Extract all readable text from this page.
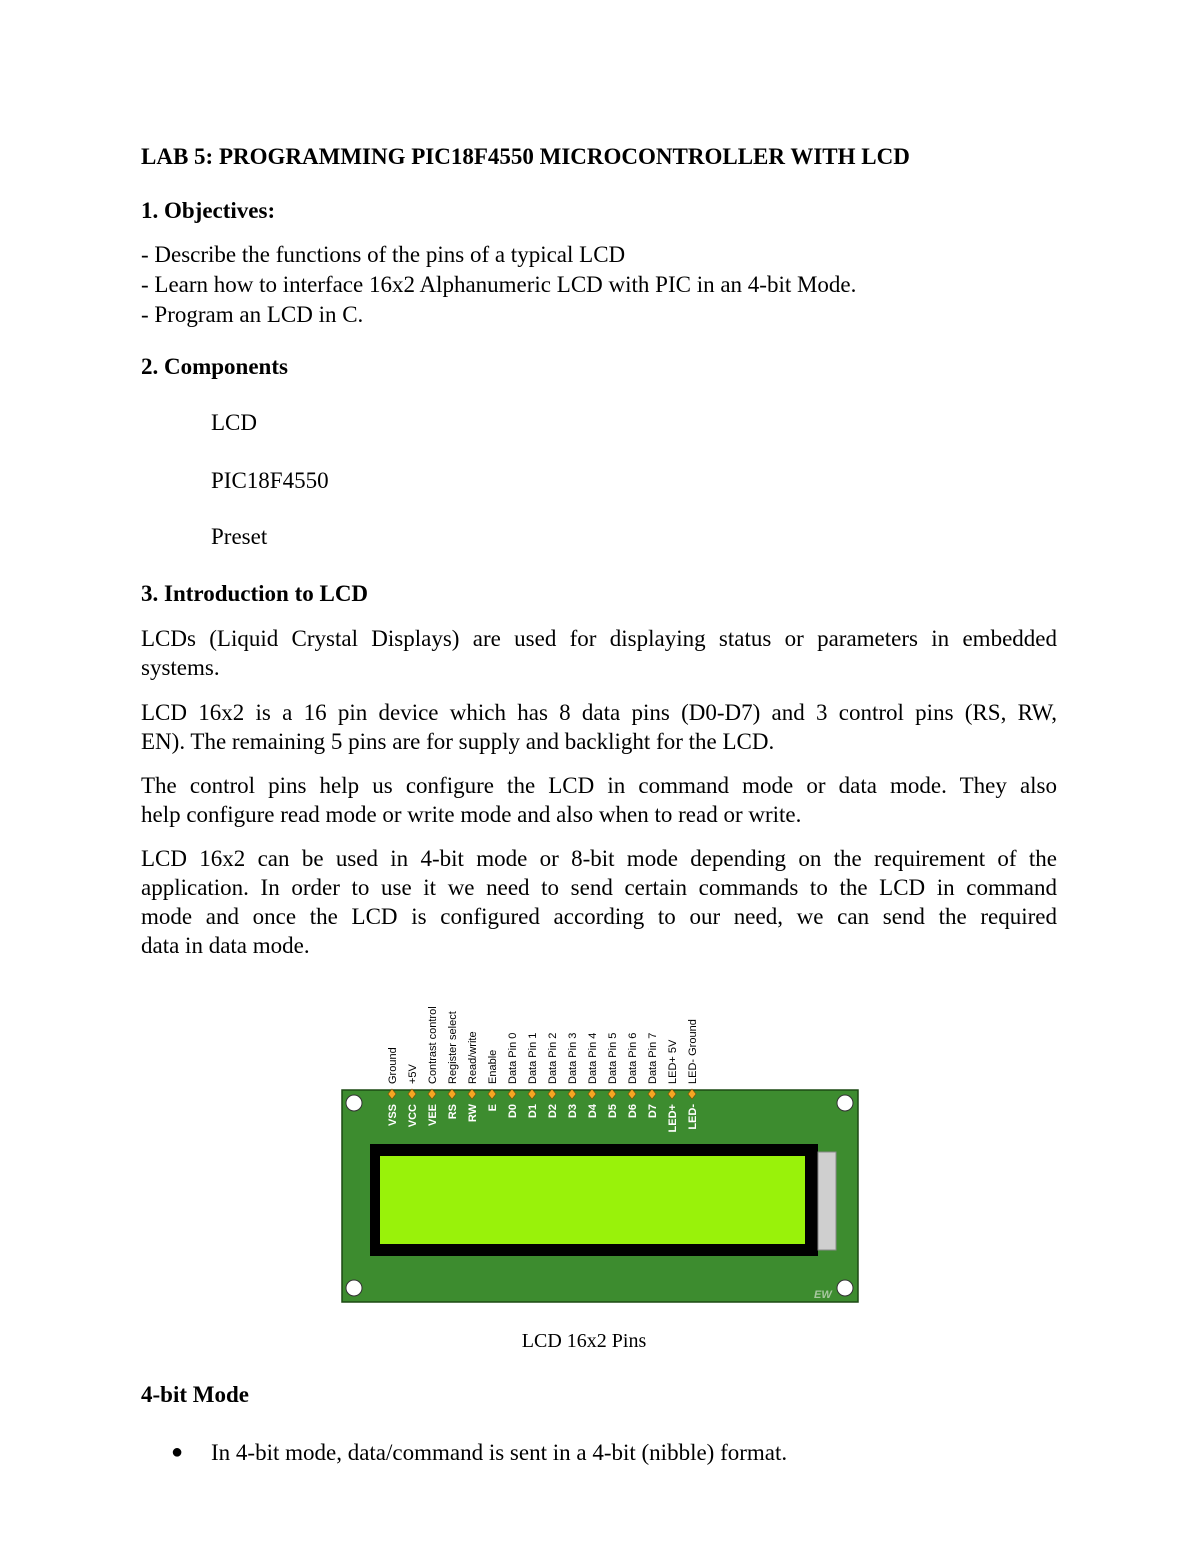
LAB 5: PROGRAMMING PIC18F4550 MICROCONTROLLER WITH LCD
1. Objectives:
- Describe the functions of the pins of a typical LCD
- Learn how to interface 16x2 Alphanumeric LCD with PIC in an 4-bit Mode.
- Program an LCD in C.
2. Components
LCD
PIC18F4550
Preset
3. Introduction to LCD
LCDs (Liquid Crystal Displays) are used for displaying status or parameters in embedded
systems.
LCD 16x2 is a 16 pin device which has 8 data pins (D0-D7) and 3 control pins (RS, RW,
EN). The remaining 5 pins are for supply and backlight for the LCD.
The control pins help us configure the LCD in command mode or data mode. They also
help configure read mode or write mode and also when to read or write.
LCD 16x2 can be used in 4-bit mode or 8-bit mode depending on the requirement of the
application. In order to use it we need to send certain commands to the LCD in command
mode and once the LCD is configured according to our need, we can send the required
data in data mode.
EW
Ground
VSS
+5V
VCC
Contrast control
VEE
Register select
RS
Read/write
RW
Enable
E
Data Pin 0
D0
Data Pin 1
D1
Data Pin 2
D2
Data Pin 3
D3
Data Pin 4
D4
Data Pin 5
D5
Data Pin 6
D6
Data Pin 7
D7
LED+ 5V
LED+
LED- Ground
LED-
LCD 16x2 Pins
4-bit Mode
● In 4-bit mode, data/command is sent in a 4-bit (nibble) format.
